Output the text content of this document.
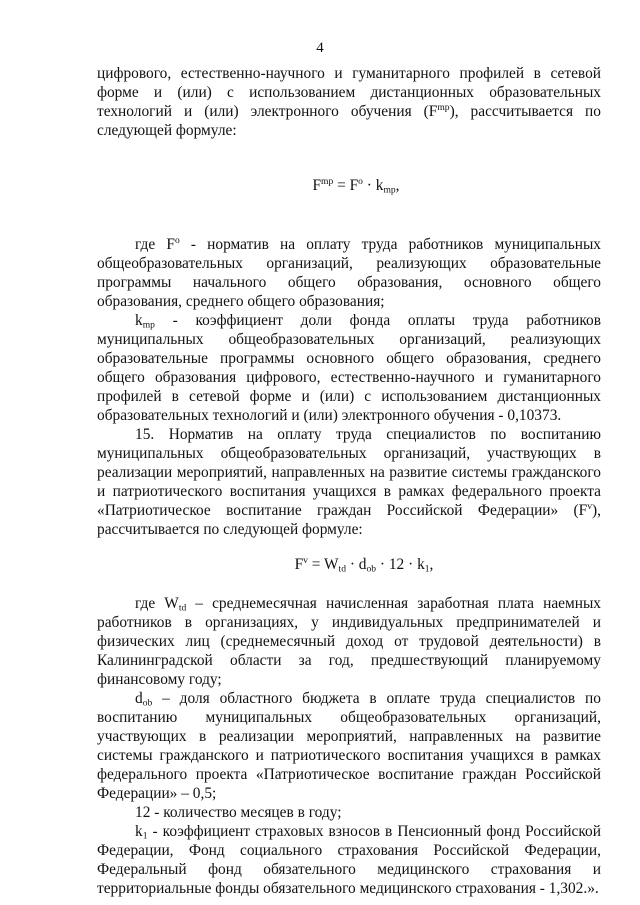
4

цифрового, естественно-научного и гуманитарного профилей в сетевой форме и (или) с использованием дистанционных образовательных технологий и (или) электронного обучения $(F^{mp})$, рассчитывается по следующей формуле:

$F^{mp} = F^o \cdot k_{mp}$,

где $F^o$ - норматив на оплату труда работников муниципальных общеобразовательных организаций, реализующих образовательные программы начального общего образования, основного общего образования, среднего общего образования;

$k_{mp}$ - коэффициент доли фонда оплаты труда работников муниципальных общеобразовательных организаций, реализующих образовательные программы основного общего образования, среднего общего образования цифрового, естественно-научного и гуманитарного профилей в сетевой форме и (или) с использованием дистанционных образовательных технологий и (или) электронного обучения - 0,10373.

15. Норматив на оплату труда специалистов по воспитанию муниципальных общеобразовательных организаций, участвующих в реализации мероприятий, направленных на развитие системы гражданского и патриотического воспитания учащихся в рамках федерального проекта «Патриотическое воспитание граждан Российской Федерации» $(F^v)$, рассчитывается по следующей формуле:

$F^v = W_{td} \cdot d_{ob} \cdot 12 \cdot k_1$,

где $W_{td}$ – среднемесячная начисленная заработная плата наемных работников в организациях, у индивидуальных предпринимателей и физических лиц (среднемесячный доход от трудовой деятельности) в Калининградской области за год, предшествующий планируемому финансовому году;

$d_{ob}$ – доля областного бюджета в оплате труда специалистов по воспитанию муниципальных общеобразовательных организаций, участвующих в реализации мероприятий, направленных на развитие системы гражданского и патриотического воспитания учащихся в рамках федерального проекта «Патриотическое воспитание граждан Российской Федерации» – 0,5;

12 - количество месяцев в году;

$k_1$ - коэффициент страховых взносов в Пенсионный фонд Российской Федерации, Фонд социального страхования Российской Федерации, Федеральный фонд обязательного медицинского страхования и территориальные фонды обязательного медицинского страхования - 1,302.».
